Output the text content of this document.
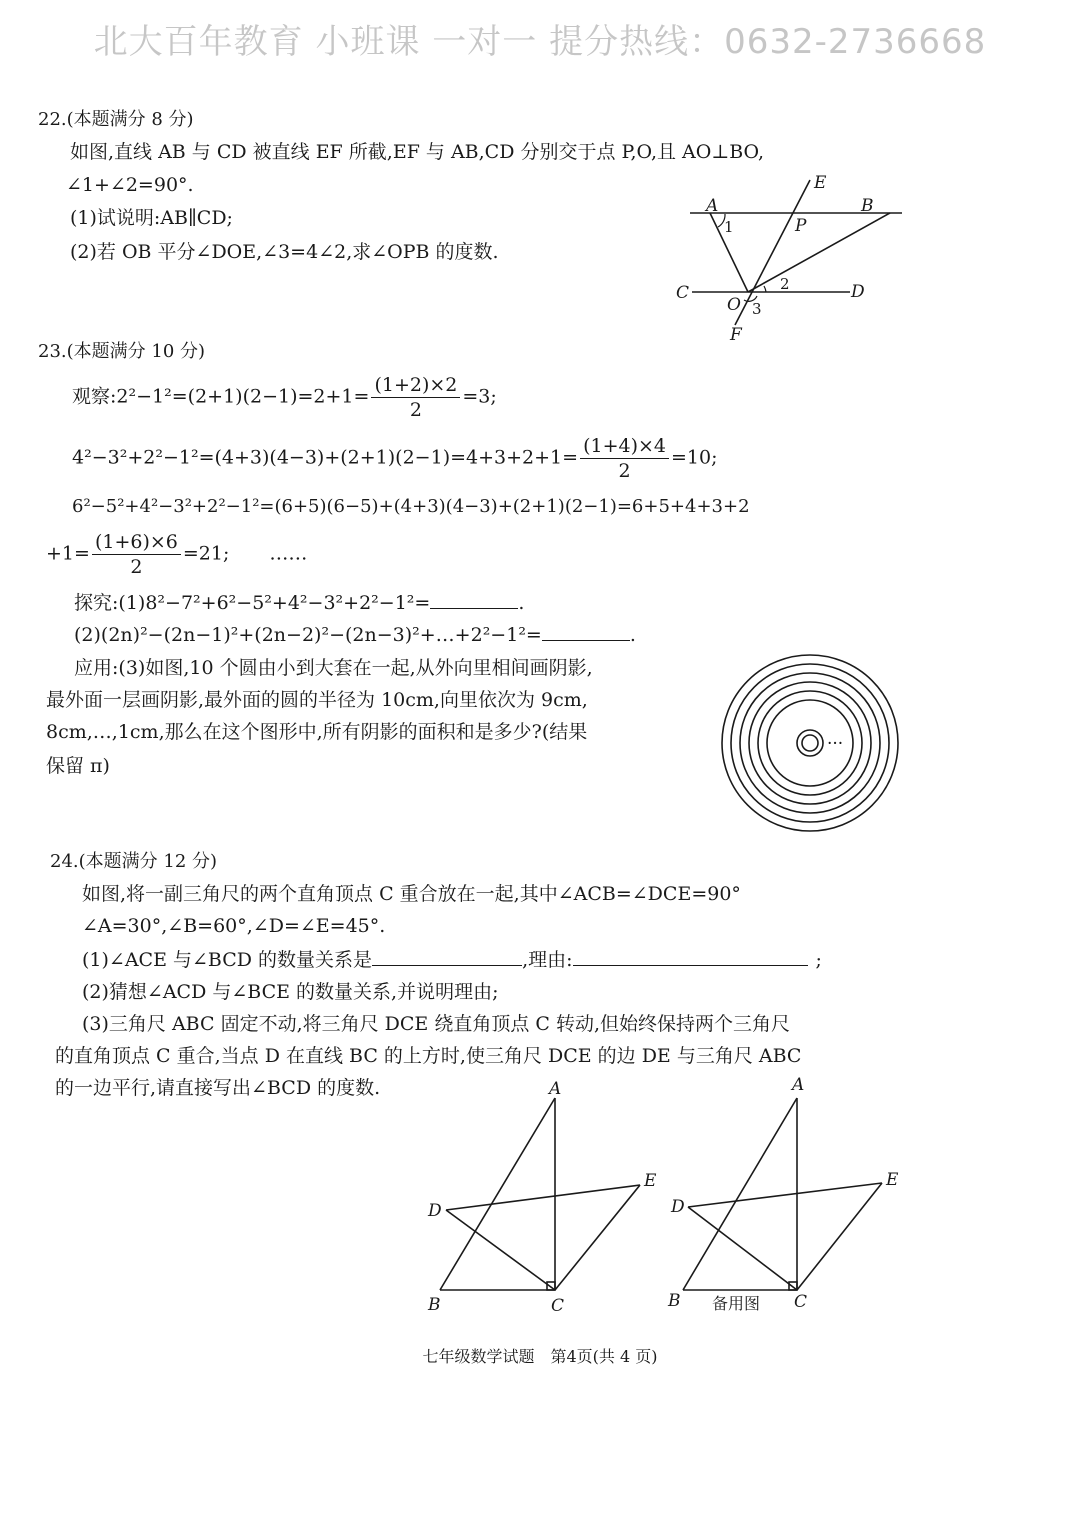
北大百年教育 小班课 一对一 提分热线：0632-2736668
22.(本题满分 8 分)
如图,直线 AB 与 CD 被直线 EF 所截,EF 与 AB,CD 分别交于点 P,O,且 AO⊥BO,
∠1+∠2=90°.
(1)试说明:AB∥CD;
(2)若 OB 平分∠DOE,∠3=4∠2,求∠OPB 的度数.
A	B
C	D
E
F
P
O
1
2
3
23.(本题满分 10 分)
观察:2²−1²=(2+1)(2−1)=2+1= $\frac{(1+2)\times 2}{2} =3$;
$4^2-3^2+2^2-1^2=(4+3)(4-3)+(2+1)(2-1)=4+3+2+1= \frac{(1+4)\times 4}{2} =10$;
6²−5²+4²−3²+2²−1²=(6+5)(6−5)+(4+3)(4−3)+(2+1)(2−1)=6+5+4+3+2
$+1= \frac{(1+6)\times 6}{2} =21$; ……
探究:(1)8²−7²+6²−5²+4²−3²+2²−1²=	.
(2)(2n)²−(2n−1)²+(2n−2)²−(2n−3)²+…+2²−1²=	.
应用:(3)如图,10 个圆由小到大套在一起,从外向里相间画阴影,
最外面一层画阴影,最外面的圆的半径为 10cm,向里依次为 9cm,
8cm,…,1cm,那么在这个图形中,所有阴影的面积和是多少?(结果
保留 π)
···
24.(本题满分 12 分)
如图,将一副三角尺的两个直角顶点 C 重合放在一起,其中∠ACB=∠DCE=90°
∠A=30°,∠B=60°,∠D=∠E=45°.
(1)∠ACE 与∠BCD 的数量关系是	,理由:	;
(2)猜想∠ACD 与∠BCE 的数量关系,并说明理由;
(3)三角尺 ABC 固定不动,将三角尺 DCE 绕直角顶点 C 转动,但始终保持两个三角尺
的直角顶点 C 重合,当点 D 在直线 BC 的上方时,使三角尺 DCE 的边 DE 与三角尺 ABC
的一边平行,请直接写出∠BCD 的度数.	A
B	C
D
E
A
B	C
D
E
备用图
七年级数学试题　第4页(共 4 页)
